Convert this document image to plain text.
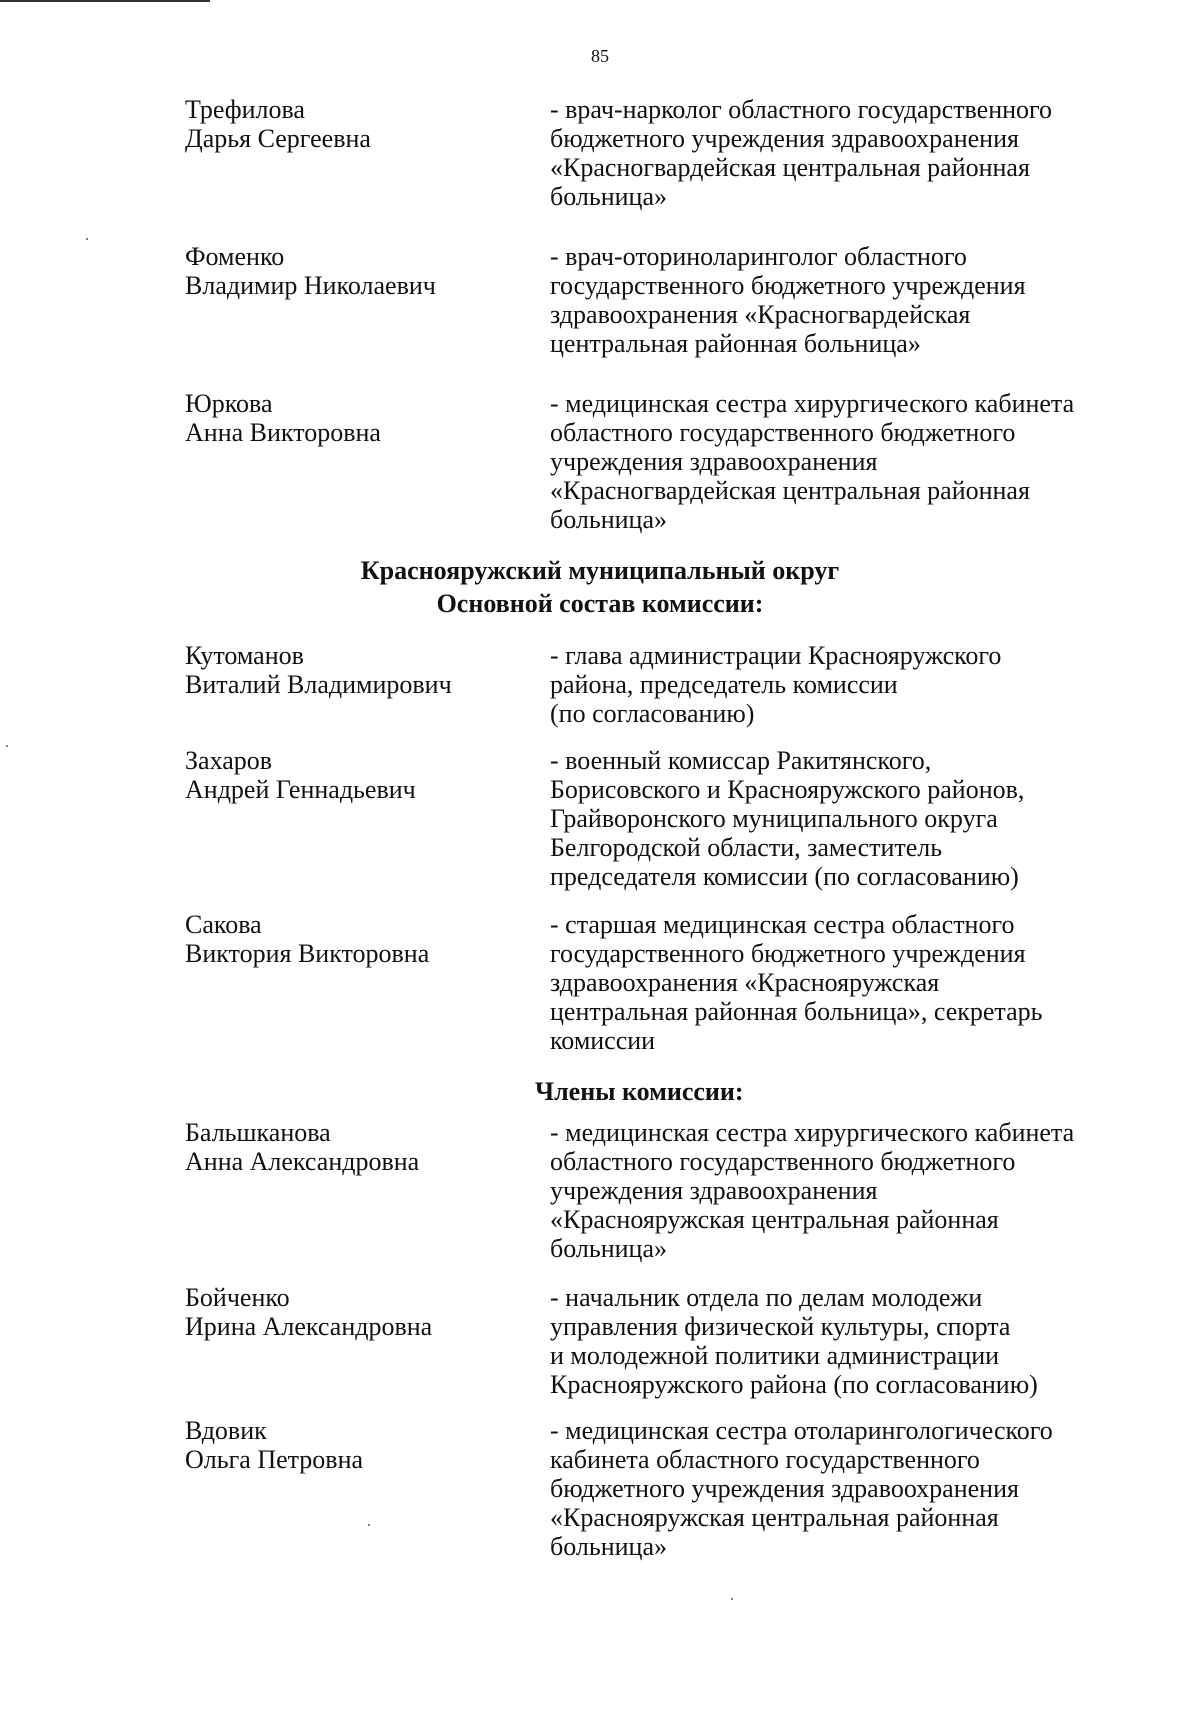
85
Трефилова
Дарья Сергеевна
- врач-нарколог областного государственного
бюджетного учреждения здравоохранения
«Красногвардейская центральная районная
больница»
Фоменко
Владимир Николаевич
- врач-оториноларинголог областного
государственного бюджетного учреждения
здравоохранения «Красногвардейская
центральная районная больница»
Юркова
Анна Викторовна
- медицинская сестра хирургического кабинета
областного государственного бюджетного
учреждения здравоохранения
«Красногвардейская центральная районная
больница»
Краснояружский муниципальный округ
Основной состав комиссии:
Кутоманов
Виталий Владимирович
- глава администрации Краснояружского
района, председатель комиссии
(по согласованию)
Захаров
Андрей Геннадьевич
- военный комиссар Ракитянского,
Борисовского и Краснояружского районов,
Грайворонского муниципального округа
Белгородской области, заместитель
председателя комиссии (по согласованию)
Сакова
Виктория Викторовна
- старшая медицинская сестра областного
государственного бюджетного учреждения
здравоохранения «Краснояружская
центральная районная больница», секретарь
комиссии
Члены комиссии:
Бальшканова
Анна Александровна
- медицинская сестра хирургического кабинета
областного государственного бюджетного
учреждения здравоохранения
«Краснояружская центральная районная
больница»
Бойченко
Ирина Александровна
- начальник отдела по делам молодежи
управления физической культуры, спорта
и молодежной политики администрации
Краснояружского района (по согласованию)
Вдовик
Ольга Петровна
- медицинская сестра отоларингологического
кабинета областного государственного
бюджетного учреждения здравоохранения
«Краснояружская центральная районная
больница»
